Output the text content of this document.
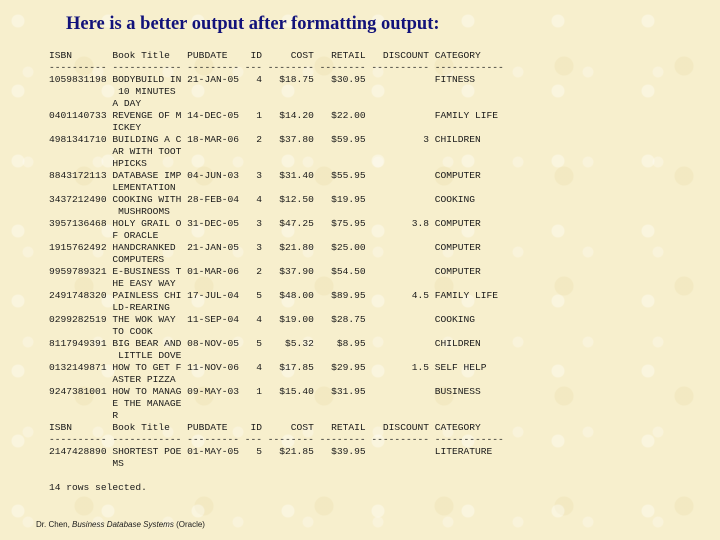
Here is a better output after formatting output:
ISBN       Book Title   PUBDATE    ID     COST   RETAIL   DISCOUNT CATEGORY
---------- ------------ --------- --- -------- -------- ---------- ------------
1059831198 BODYBUILD IN 21-JAN-05   4   $18.75   $30.95            FITNESS
10 MINUTES
A DAY
0401140733 REVENGE OF M 14-DEC-05   1   $14.20   $22.00            FAMILY LIFE
ICKEY
4981341710 BUILDING A C 18-MAR-06   2   $37.80   $59.95          3 CHILDREN
AR WITH TOOT
HPICKS
8843172113 DATABASE IMP 04-JUN-03   3   $31.40   $55.95            COMPUTER
LEMENTATION
3437212490 COOKING WITH 28-FEB-04   4   $12.50   $19.95            COOKING
MUSHROOMS
3957136468 HOLY GRAIL O 31-DEC-05   3   $47.25   $75.95        3.8 COMPUTER
F ORACLE
1915762492 HANDCRANKED  21-JAN-05   3   $21.80   $25.00            COMPUTER
COMPUTERS
9959789321 E-BUSINESS T 01-MAR-06   2   $37.90   $54.50            COMPUTER
HE EASY WAY
2491748320 PAINLESS CHI 17-JUL-04   5   $48.00   $89.95        4.5 FAMILY LIFE
LD-REARING
0299282519 THE WOK WAY  11-SEP-04   4   $19.00   $28.75            COOKING
TO COOK
8117949391 BIG BEAR AND 08-NOV-05   5    $5.32    $8.95            CHILDREN
LITTLE DOVE
0132149871 HOW TO GET F 11-NOV-06   4   $17.85   $29.95        1.5 SELF HELP
ASTER PIZZA
9247381001 HOW TO MANAG 09-MAY-03   1   $15.40   $31.95            BUSINESS
E THE MANAGE
R
ISBN       Book Title   PUBDATE    ID     COST   RETAIL   DISCOUNT CATEGORY
---------- ------------ --------- --- -------- -------- ---------- ------------
2147428890 SHORTEST POE 01-MAY-05   5   $21.85   $39.95            LITERATURE
MS

14 rows selected.
Dr. Chen, Business Database Systems (Oracle)
